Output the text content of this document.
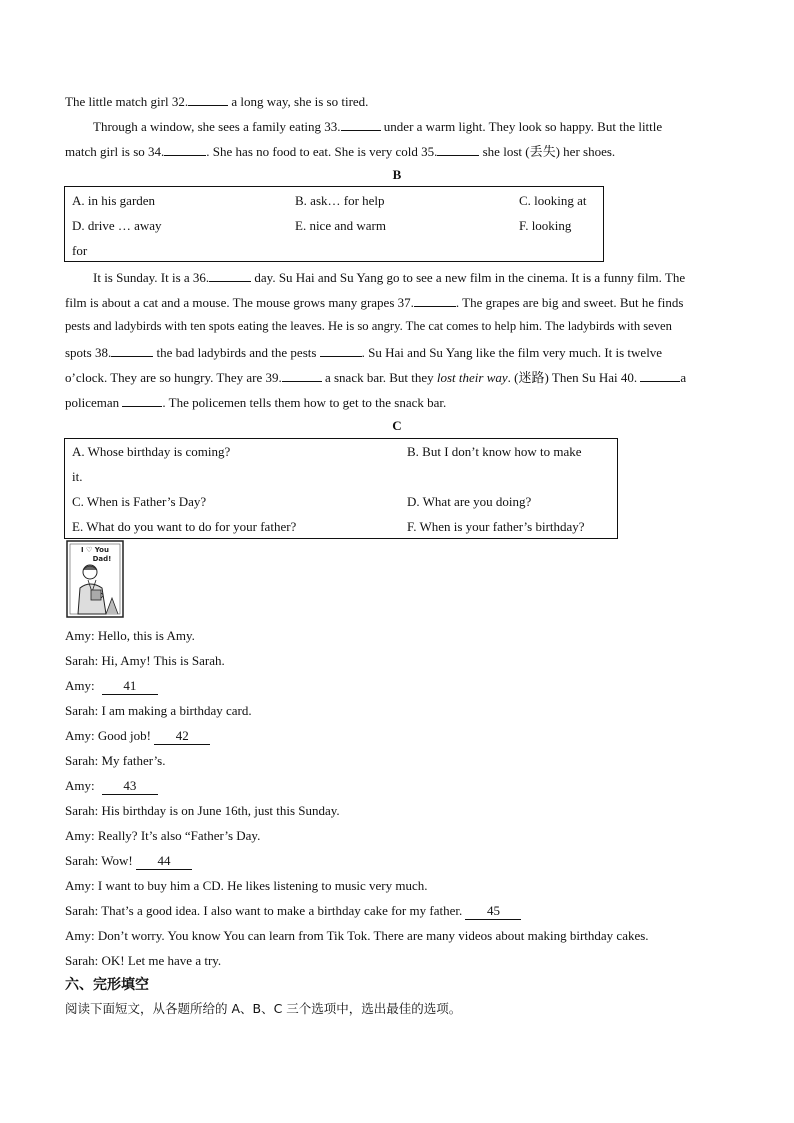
The little match girl 32.	a long way, she is so tired.
Through a window, she sees a family eating 33.	under a warm light. They look so happy. But the little
match girl is so 34.	. She has no food to eat. She is very cold 35.	she lost (丢失) her shoes.
B
A. in his garden	B. ask… for help	C. looking at
D. drive … away	E. nice and warm	F. looking
for
It is Sunday. It is a 36.	day. Su Hai and Su Yang go to see a new film in the cinema. It is a funny film. The
film is about a cat and a mouse. The mouse grows many grapes 37.	. The grapes are big and sweet. But he finds
pests and ladybirds with ten spots eating the leaves. He is so angry. The cat comes to help him. The ladybirds with seven
spots 38.	the bad ladybirds and the pests	. Su Hai and Su Yang like the film very much. It is twelve
o’clock. They are so hungry. They are 39.	a snack bar. But they lost their way. (迷路) Then Su Hai 40.	a
policeman	. The policemen tells them how to get to the snack bar.
C
A. Whose birthday is coming?	B. But I don’t know how to make
it.
C. When is Father’s Day?	D. What are you doing?
E. What do you want to do for your father?	F. When is your father’s birthday?
I ♡ You
Dad!
Amy: Hello, this is Amy.
Sarah: Hi, Amy! This is Sarah.
Amy: 41
Sarah: I am making a birthday card.
Amy: Good job! 42
Sarah: My father’s.
Amy: 43
Sarah: His birthday is on June 16th, just this Sunday.
Amy: Really? It’s also “Father’s Day.
Sarah: Wow! 44
Amy: I want to buy him a CD. He likes listening to music very much.
Sarah: That’s a good idea. I also want to make a birthday cake for my father. 45
Amy: Don’t worry. You know You can learn from Tik Tok. There are many videos about making birthday cakes.
Sarah: OK! Let me have a try.
六、完形填空
阅读下面短文，从各题所给的 A、B、C 三个选项中，选出最佳的选项。
